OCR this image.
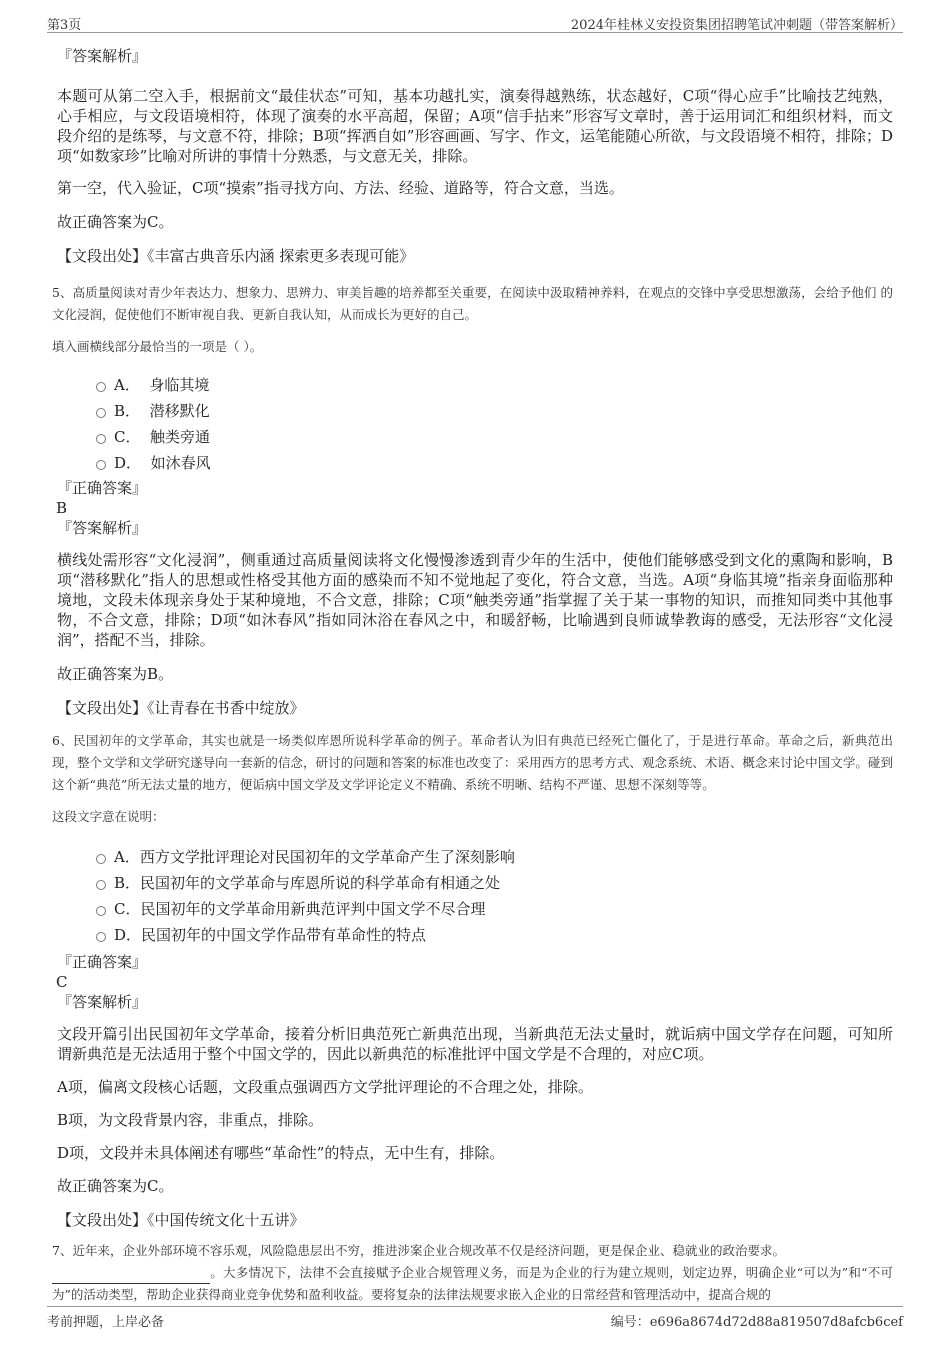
第3页	2024年桂林义安投资集团招聘笔试冲刺题（带答案解析）
『答案解析』

本题可从第二空入手，根据前文“最佳状态”可知，基本功越扎实，演奏得越熟练，状态越好，C项“得心应手”比喻技艺纯熟，心手相应，与文段语境相符，体现了演奏的水平高超，保留；A项“信手拈来”形容写文章时，善于运用词汇和组织材料，而文段介绍的是练琴，与文意不符，排除；B项“挥洒自如”形容画画、写字、作文，运笔能随心所欲，与文段语境不相符，排除；D项“如数家珍”比喻对所讲的事情十分熟悉，与文意无关，排除。

第一空，代入验证，C项“摸索”指寻找方向、方法、经验、道路等，符合文意，当选。

故正确答案为C。

【文段出处】《丰富古典音乐内涵 探索更多表现可能》

5、高质量阅读对青少年表达力、想象力、思辨力、审美旨趣的培养都至关重要，在阅读中汲取精神养料，在观点的交锋中享受思想激荡，会给予他们 的文化浸润，促使他们不断审视自我、更新自我认知，从而成长为更好的自己。

填入画横线部分最恰当的一项是（ ）。

A． 身临其境
B． 潜移默化
C． 触类旁通
D． 如沐春风
『正确答案』
B
『答案解析』

横线处需形容“文化浸润”，侧重通过高质量阅读将文化慢慢渗透到青少年的生活中，使他们能够感受到文化的熏陶和影响，B项“潜移默化”指人的思想或性格受其他方面的感染而不知不觉地起了变化，符合文意，当选。A项“身临其境”指亲身面临那种境地，文段未体现亲身处于某种境地，不合文意，排除；C项“触类旁通”指掌握了关于某一事物的知识，而推知同类中其他事物，不合文意，排除；D项“如沐春风”指如同沐浴在春风之中，和暖舒畅，比喻遇到良师诚挚教诲的感受，无法形容“文化浸润”，搭配不当，排除。

故正确答案为B。

【文段出处】《让青春在书香中绽放》

6、民国初年的文学革命，其实也就是一场类似库恩所说科学革命的例子。革命者认为旧有典范已经死亡僵化了，于是进行革命。革命之后，新典范出现，整个文学和文学研究遂导向一套新的信念，研讨的问题和答案的标准也改变了：采用西方的思考方式、观念系统、术语、概念来讨论中国文学。碰到这个新“典范”所无法丈量的地方，便诟病中国文学及文学评论定义不精确、系统不明晰、结构不严谨、思想不深刻等等。

这段文字意在说明：

A．西方文学批评理论对民国初年的文学革命产生了深刻影响
B．民国初年的文学革命与库恩所说的科学革命有相通之处
C．民国初年的文学革命用新典范评判中国文学不尽合理
D．民国初年的中国文学作品带有革命性的特点
『正确答案』
C
『答案解析』

文段开篇引出民国初年文学革命，接着分析旧典范死亡新典范出现，当新典范无法丈量时，就诟病中国文学存在问题，可知所谓新典范是无法适用于整个中国文学的，因此以新典范的标准批评中国文学是不合理的，对应C项。

A项，偏离文段核心话题，文段重点强调西方文学批评理论的不合理之处，排除。

B项，为文段背景内容，非重点，排除。

D项，文段并未具体阐述有哪些“革命性”的特点，无中生有，排除。

故正确答案为C。

【文段出处】《中国传统文化十五讲》

7、近年来，企业外部环境不容乐观，风险隐患层出不穷，推进涉案企业合规改革不仅是经济问题，更是保企业、稳就业的政治要求。
。大多情况下，法律不会直接赋予企业合规管理义务，而是为企业的行为建立规则，划定边界，明确企业“可以为”和“不可为”的活动类型，帮助企业获得商业竞争优势和盈利收益。要将复杂的法律法规要求嵌入企业的日常经营和管理活动中，提高合规的

考前押题，上岸必备	编号：e696a8674d72d88a819507d8afcb6cef
